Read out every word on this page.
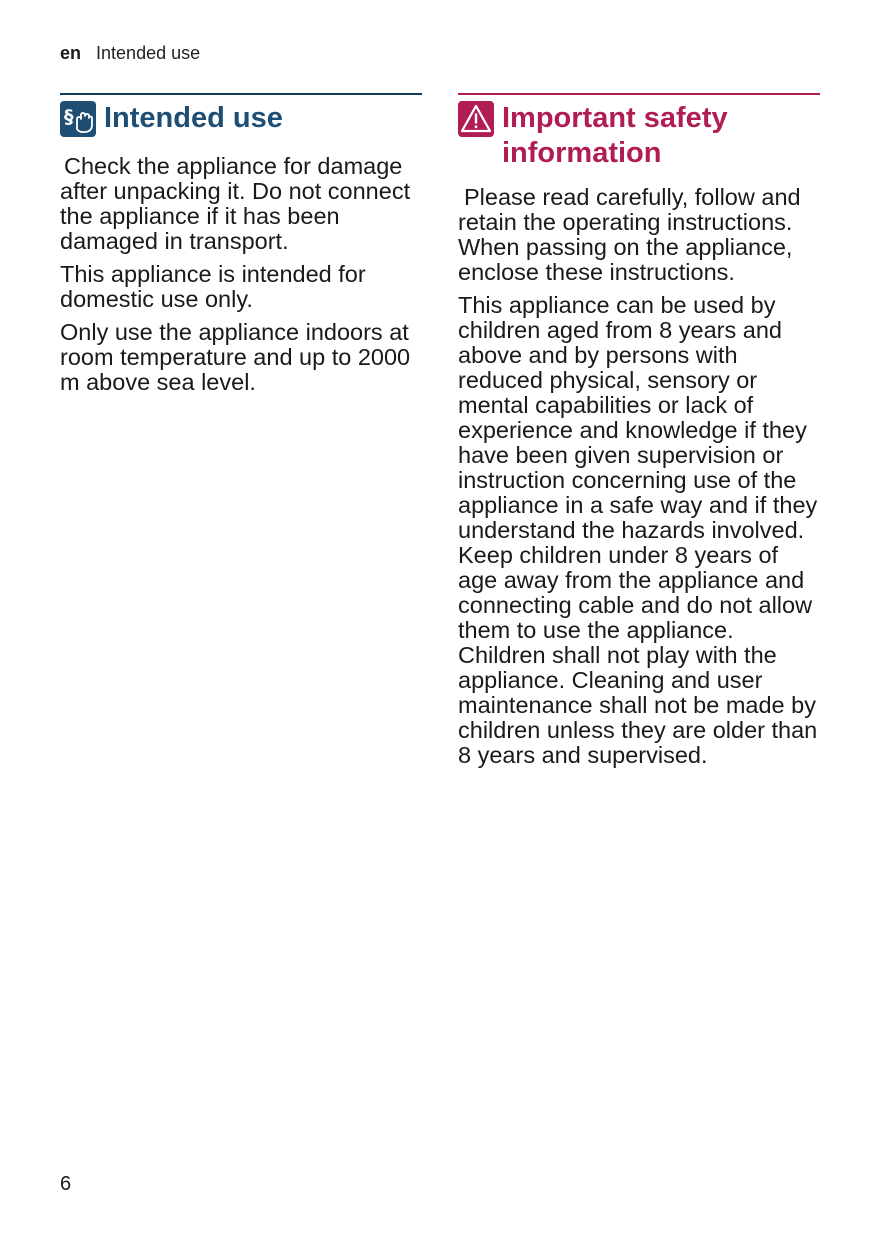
en Intended use
§ Intended use

Check the appliance for damage after unpacking it. Do not connect the appliance if it has been damaged in transport.

This appliance is intended for domestic use only.

Only use the appliance indoors at room temperature and up to 2000 m above sea level.

Important safety information

Please read carefully, follow and retain the operating instructions. When passing on the appliance, enclose these instructions.

This appliance can be used by children aged from 8 years and above and by persons with reduced physical, sensory or mental capabilities or lack of experience and knowledge if they have been given supervision or instruction concerning use of the appliance in a safe way and if they understand the hazards involved. Keep children under 8 years of age away from the appliance and connecting cable and do not allow them to use the appliance. Children shall not play with the appliance. Cleaning and user maintenance shall not be made by children unless they are older than 8 years and supervised.

6
